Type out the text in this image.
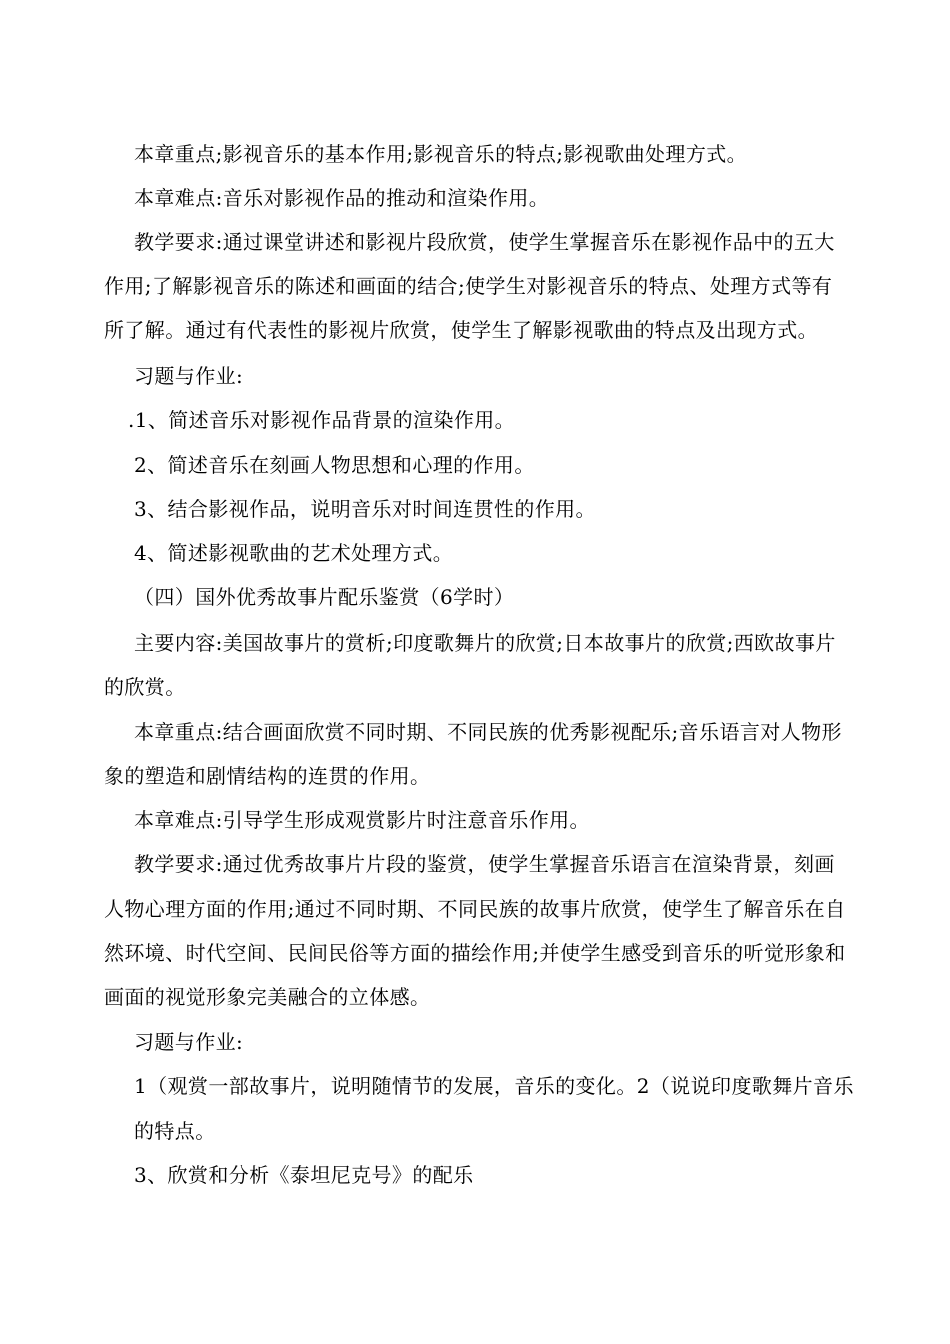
本章重点;影视音乐的基本作用;影视音乐的特点;影视歌曲处理方式。
本章难点:音乐对影视作品的推动和渲染作用。
教学要求:通过课堂讲述和影视片段欣赏，使学生掌握音乐在影视作品中的五大
作用;了解影视音乐的陈述和画面的结合;使学生对影视音乐的特点、处理方式等有
所了解。通过有代表性的影视片欣赏，使学生了解影视歌曲的特点及出现方式。
习题与作业:
.1、简述音乐对影视作品背景的渲染作用。
2、简述音乐在刻画人物思想和心理的作用。
3、结合影视作品，说明音乐对时间连贯性的作用。
4、简述影视歌曲的艺术处理方式。
（四）国外优秀故事片配乐鉴赏（6学时）
主要内容:美国故事片的赏析;印度歌舞片的欣赏;日本故事片的欣赏;西欧故事片
的欣赏。
本章重点:结合画面欣赏不同时期、不同民族的优秀影视配乐;音乐语言对人物形
象的塑造和剧情结构的连贯的作用。
本章难点:引导学生形成观赏影片时注意音乐作用。
教学要求:通过优秀故事片片段的鉴赏，使学生掌握音乐语言在渲染背景，刻画
人物心理方面的作用;通过不同时期、不同民族的故事片欣赏，使学生了解音乐在自
然环境、时代空间、民间民俗等方面的描绘作用;并使学生感受到音乐的听觉形象和
画面的视觉形象完美融合的立体感。
习题与作业:
1（观赏一部故事片，说明随情节的发展，音乐的变化。2（说说印度歌舞片音乐
的特点。
3、欣赏和分析《泰坦尼克号》的配乐
